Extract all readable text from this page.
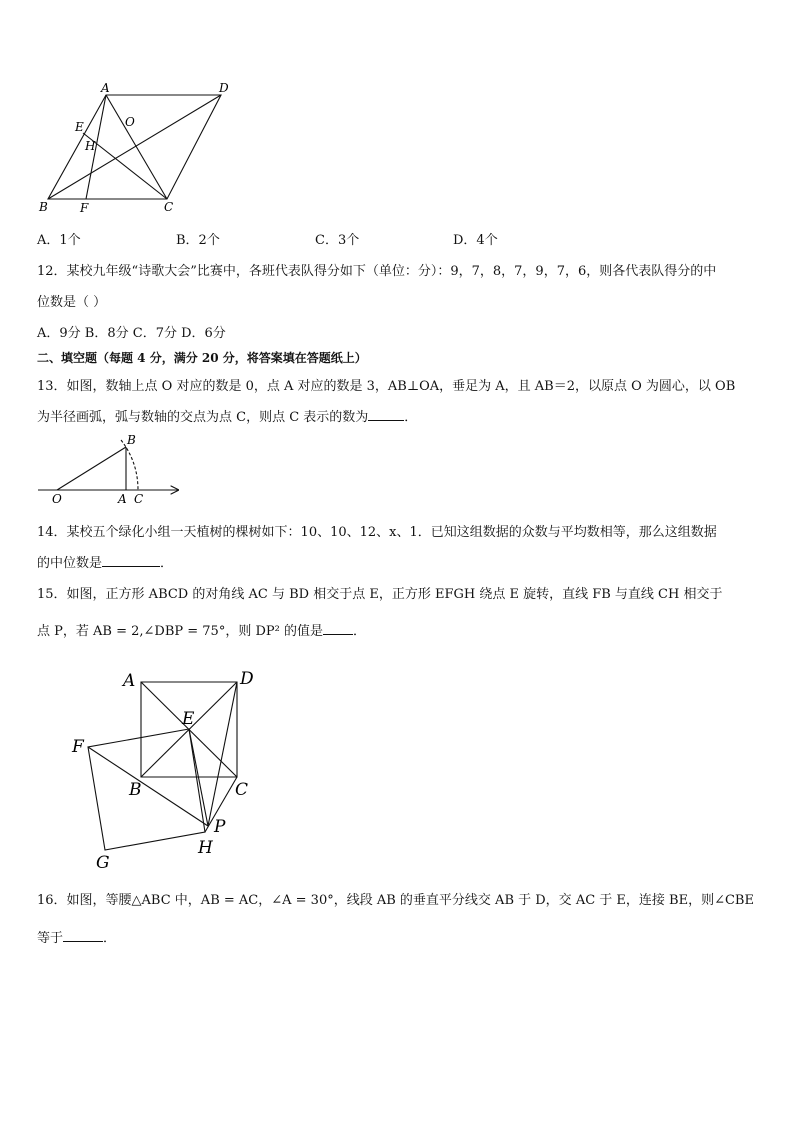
A	D
E	O
H
B	F	C
A．1个	B．2个	C．3个	D．4个
12．某校九年级“诗歌大会”比赛中，各班代表队得分如下（单位：分）：9，7，8，7，9，7，6，则各代表队得分的中
位数是（ ）
A．9分 B．8分 C．7分 D．6分
二、填空题（每题 4 分，满分 20 分，将答案填在答题纸上）
13．如图，数轴上点 O 对应的数是 0，点 A 对应的数是 3，AB⊥OA，垂足为 A，且 AB＝2，以原点 O 为圆心，以 OB
为半径画弧，弧与数轴的交点为点 C，则点 C 表示的数为	．
B
O	A C
14．某校五个绿化小组一天植树的棵树如下：10、10、12、x、1．已知这组数据的众数与平均数相等，那么这组数据
的中位数是	．
15．如图，正方形 ABCD 的对角线 AC 与 BD 相交于点 E，正方形 EFGH 绕点 E 旋转，直线 FB 与直线 CH 相交于
点 P，若 AB = 2,∠DBP = 75°，则 DP² 的值是 ．
A	D
E
F
B	C
P
G
H
16．如图，等腰△ABC 中，AB = AC，∠A = 30°，线段 AB 的垂直平分线交 AB 于 D，交 AC 于 E，连接 BE，则∠CBE
等于	．
